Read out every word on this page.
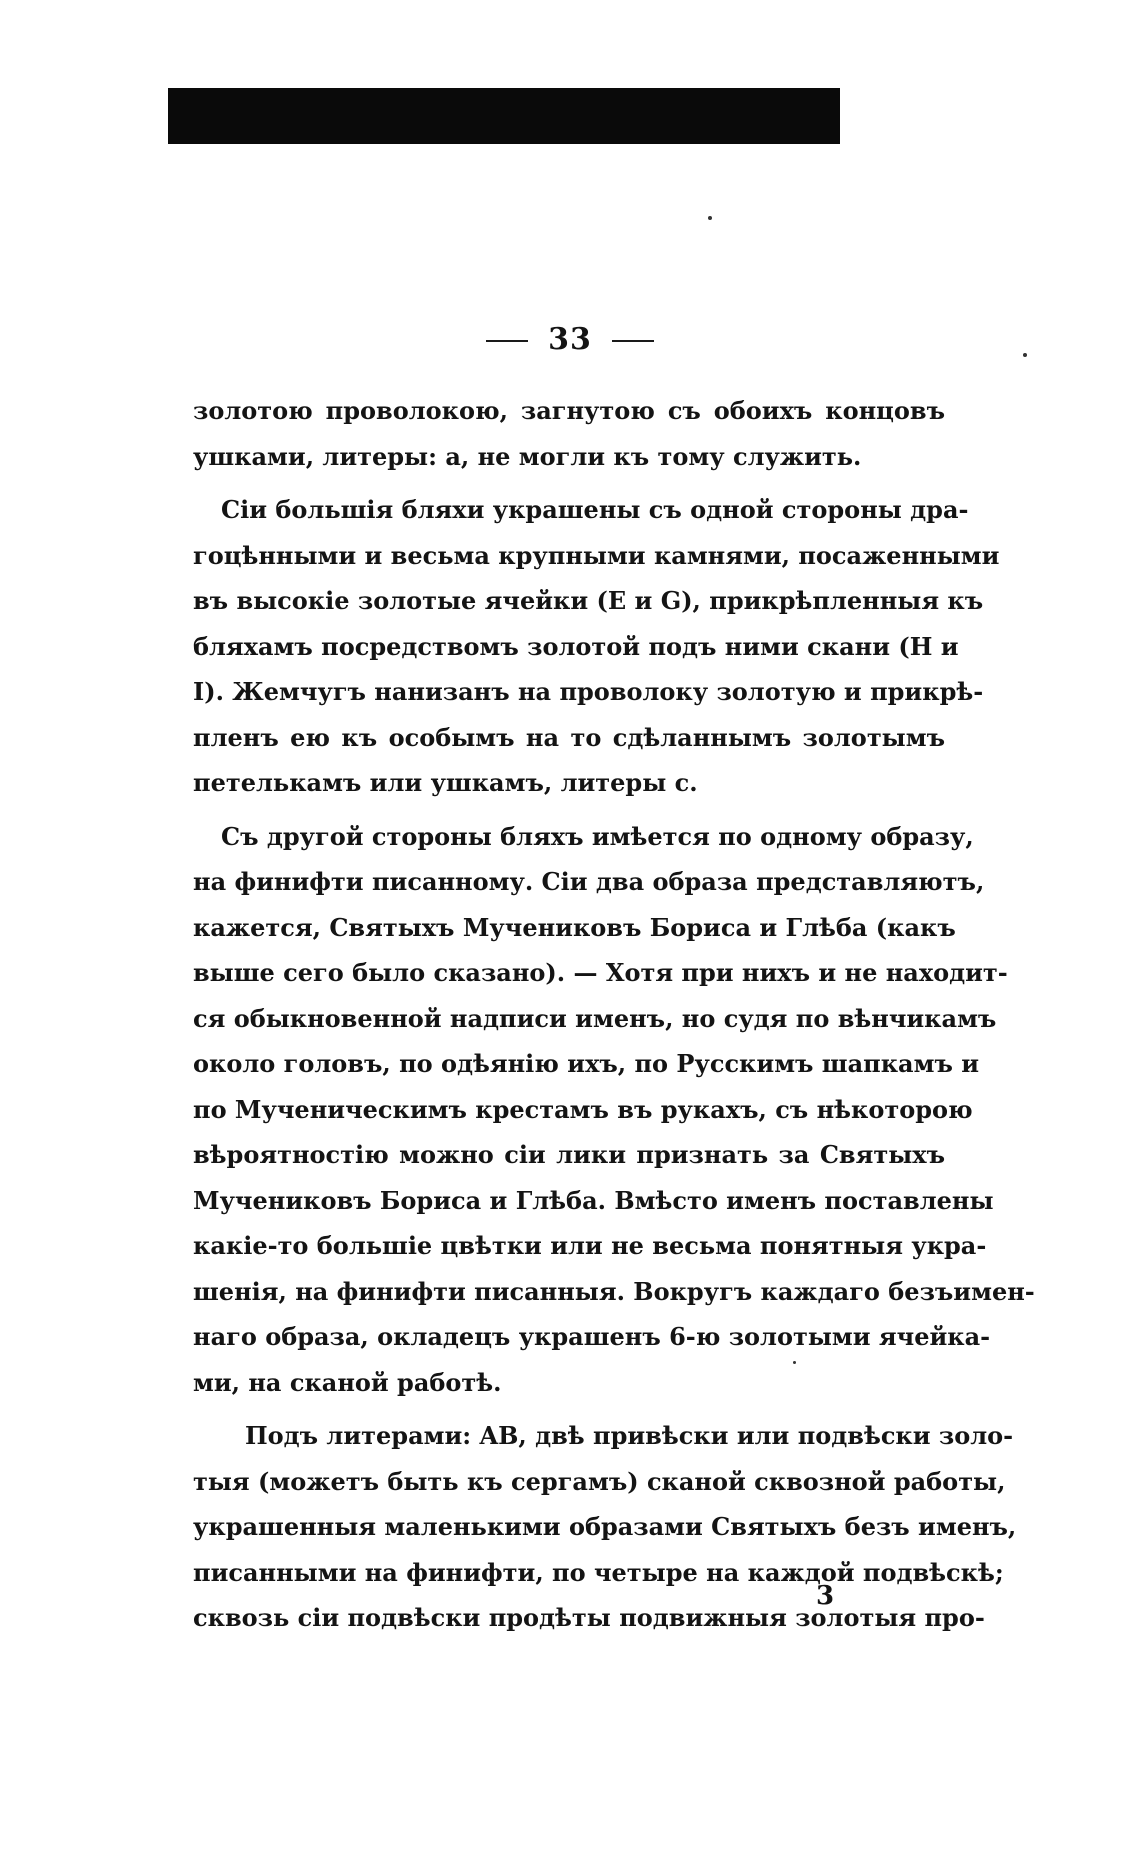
33
золотою проволокою, загнутою съ обоихъ концовъ
ушками, литеры: a, не могли къ тому служить.
Сіи большія бляхи украшены съ одной стороны дра-
гоцѣнными и весьма крупными камнями, посаженными
въ высокіе золотые ячейки (E и G), прикрѣпленныя къ
бляхамъ посредствомъ золотой подъ ними скани (H и
I). Жемчугъ нанизанъ на проволоку золотую и прикрѣ-
пленъ ею къ особымъ на то сдѣланнымъ золотымъ
петелькамъ или ушкамъ, литеры c.
Съ другой стороны бляхъ имѣется по одному образу,
на финифти писанному. Сіи два образа представляютъ,
кажется, Святыхъ Мучениковъ Бориса и Глѣба (какъ
выше сего было сказано). — Хотя при нихъ и не находит-
ся обыкновенной надписи именъ, но судя по вѣнчикамъ
около головъ, по одѣянію ихъ, по Русскимъ шапкамъ и
по Мученическимъ крестамъ въ рукахъ, съ нѣкоторою
вѣроятностію можно сіи лики признать за Святыхъ
Мучениковъ Бориса и Глѣба. Вмѣсто именъ поставлены
какіе-то большіе цвѣтки или не весьма понятныя укра-
шенія, на финифти писанныя. Вокругъ каждаго безъимен-
наго образа, окладецъ украшенъ 6-ю золотыми ячейка-
ми, на сканой работѣ.
Подъ литерами: AB, двѣ привѣски или подвѣски золо-
тыя (можетъ быть къ сергамъ) сканой сквозной работы,
украшенныя маленькими образами Святыхъ безъ именъ,
писанными на финифти, по четыре на каждой подвѣскѣ;
сквозь сіи подвѣски продѣты подвижныя золотыя про-
3
